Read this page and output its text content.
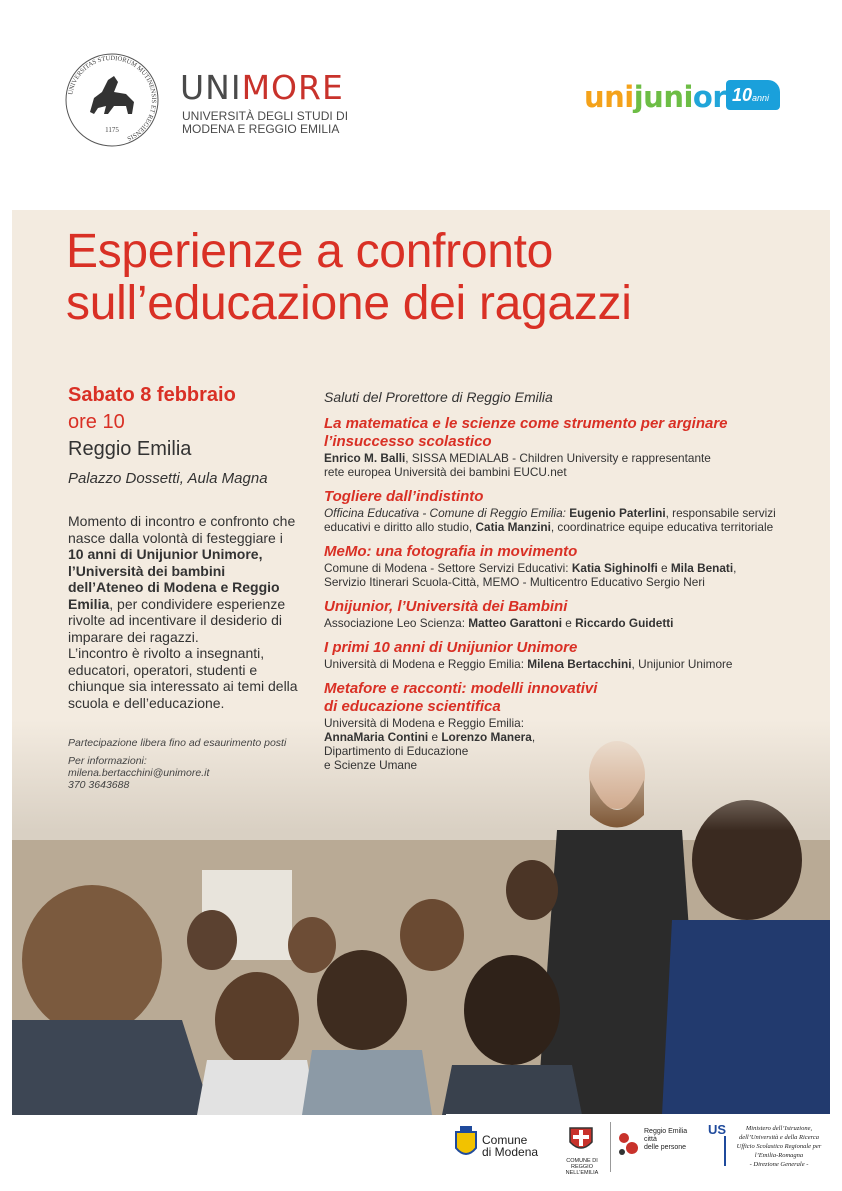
UNIVERSITAS STUDIORUM MUTINENSIS ET REGIENSIS
1175
UNIMORE
UNIVERSITÀ DEGLI STUDI DI
MODENA E REGGIO EMILIA
unijunior 10anni
Esperienze a confronto
sull’educazione dei ragazzi
Sabato 8 febbraio
ore 10
Reggio Emilia
Palazzo Dossetti, Aula Magna
Momento di incontro e confronto che nasce dalla volontà di festeggiare i 10 anni di Unijunior Unimore, l’Università dei bambini dell’Ateneo di Modena e Reggio Emilia, per condividere esperienze rivolte ad incentivare il desiderio di imparare dei ragazzi.
L’incontro è rivolto a insegnanti, educatori, operatori, studenti e chiunque sia interessato ai temi della scuola e dell’educazione.
Partecipazione libera fino ad esaurimento posti
Per informazioni:
milena.bertacchini@unimore.it
370 3643688
Saluti del Prorettore di Reggio Emilia
La matematica e le scienze come strumento per arginare l’insuccesso scolastico
Enrico M. Balli, SISSA MEDIALAB - Children University e rappresentante
rete europea Università dei bambini EUCU.net
Togliere dall’indistinto
Officina Educativa - Comune di Reggio Emilia: Eugenio Paterlini, responsabile servizi
educativi e diritto allo studio, Catia Manzini, coordinatrice equipe educativa territoriale
MeMo: una fotografia in movimento
Comune di Modena - Settore Servizi Educativi: Katia Sighinolfi e Mila Benati,
Servizio Itinerari Scuola-Città, MEMO - Multicentro Educativo Sergio Neri
Unijunior, l’Università dei Bambini
Associazione Leo Scienza: Matteo Garattoni e Riccardo Guidetti
I primi 10 anni di Unijunior Unimore
Università di Modena e Reggio Emilia: Milena Bertacchini, Unijunior Unimore
Metafore e racconti: modelli innovativi
di educazione scientifica
Università di Modena e Reggio Emilia:
AnnaMaria Contini e Lorenzo Manera,
Dipartimento di Educazione
e Scienze Umane
Comune
di Modena
COMUNE DI
REGGIO NELL’EMILIA
Reggio Emilia
città
delle persone
US	Ministero dell’Istruzione,
dell’Università e della Ricerca
Ufficio Scolastico Regionale per l’Emilia-Romagna
- Direzione Generale -
